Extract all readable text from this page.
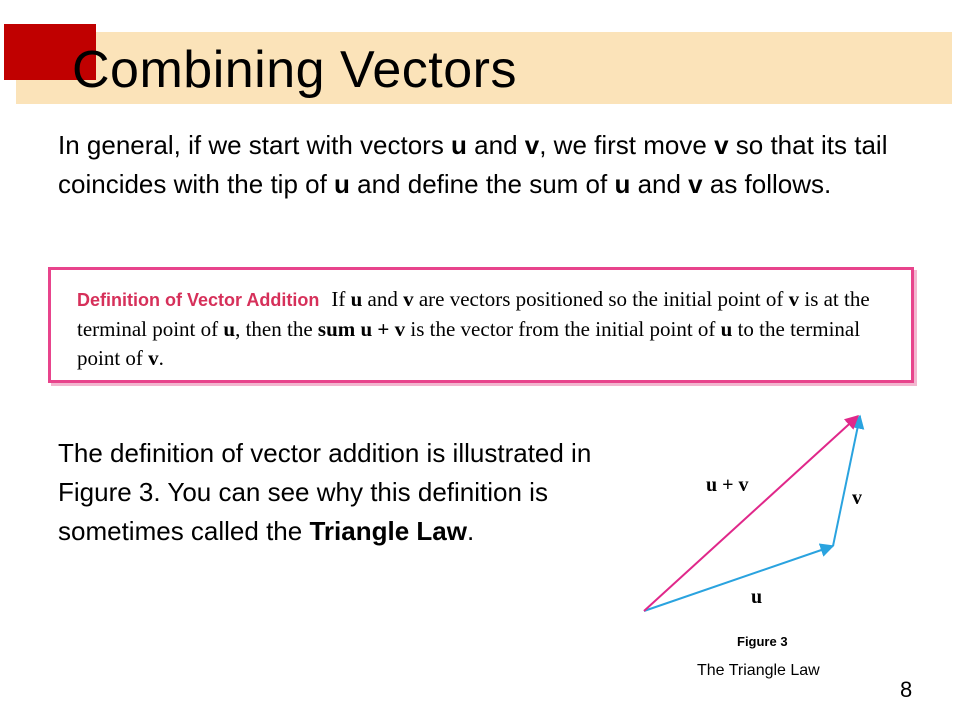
Combining Vectors
In general, if we start with vectors u and v, we first move v so that its tail coincides with the tip of u and define the sum of u and v as follows.
Definition of Vector Addition If u and v are vectors positioned so the initial point of v is at the terminal point of u, then the sum u + v is the vector from the initial point of u to the terminal point of v.
The definition of vector addition is illustrated in Figure 3. You can see why this definition is sometimes called the Triangle Law.
u + v
v
u
Figure 3
The Triangle Law
8
